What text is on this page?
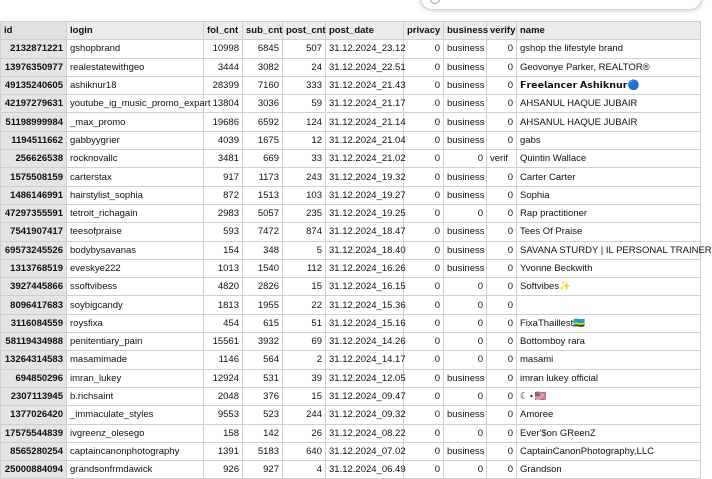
id	login	fol_cnt	sub_cnt	post_cnt	post_date	privacy	business	verify	name
2132871221	gshopbrand	10998	6845	507	31.12.2024_23.12	0	business	0	gshop the lifestyle brand
13976350977	realestatewithgeo	3444	3082	24	31.12.2024_22.51	0	business	0	Geovonye Parker, REALTOR®
49135240605	ashiknur18	28399	7160	333	31.12.2024_21.43	0	business	0	𝗙𝗿𝗲𝗲𝗹𝗮𝗻𝗰𝗲𝗿 𝗔𝘀𝗵𝗶𝗸𝗻𝘂𝗿🔵
42197279631	youtube_ig_music_promo_expart	13804	3036	59	31.12.2024_21.17	0	business	0	AHSANUL HAQUE JUBAIR
51198999984	_max_promo	19686	6592	124	31.12.2024_21.14	0	business	0	AHSANUL HAQUE JUBAIR
1194511662	gabbyygrier	4039	1675	12	31.12.2024_21.04	0	business	0	gabs
256626538	rocknovallc	3481	669	33	31.12.2024_21.02	0	0	verif	Quintin Wallace
1575508159	carterstax	917	1173	243	31.12.2024_19.32	0	business	0	Carter Carter
1486146991	hairstylist_sophia	872	1513	103	31.12.2024_19.27	0	business	0	Sophia
47297355591	tetroit_richagain	2983	5057	235	31.12.2024_19.25	0	0	0	Rap practitioner
7541907417	teesofpraise	593	7472	874	31.12.2024_18.47	0	business	0	Tees Of Praise
69573245526	bodybysavanas	154	348	5	31.12.2024_18.40	0	business	0	SAVANA STURDY | IL PERSONAL TRAINER
1313768519	eveskye222	1013	1540	112	31.12.2024_16.26	0	business	0	Yvonne Beckwith
3927445866	ssoftvibess	4820	2826	15	31.12.2024_16.15	0	0	0	Softvibes✨
8096417683	soybigcandy	1813	1955	22	31.12.2024_15.36	0	0	0	
3116084559	roysfixa	454	615	51	31.12.2024_15.16	0	0	0	FixaThaillest🇷🇼
58119434988	penitentiary_pain	15561	3932	69	31.12.2024_14.26	0	0	0	Bottomboy rara
13264314583	masamimade	1146	564	2	31.12.2024_14.17	0	0	0	masami
694850296	imran_lukey	12924	531	39	31.12.2024_12.05	0	business	0	imran lukey official
2307113945	b.richsaint	2048	376	15	31.12.2024_09.47	0	0	0	☾⋆🇺🇸
1377026420	_immaculate_styles	9553	523	244	31.12.2024_09.32	0	business	0	Amoree
17575544839	ivgreenz_olesego	158	142	26	31.12.2024_08.22	0	0	0	Ever'$on GReenZ
8565280254	captaincanonphotography	1391	5183	640	31.12.2024_07.02	0	business	0	CaptainCanonPhotography,LLC
25000884094	grandsonfrmdawick	926	927	4	31.12.2024_06.49	0	0	0	Grandson
